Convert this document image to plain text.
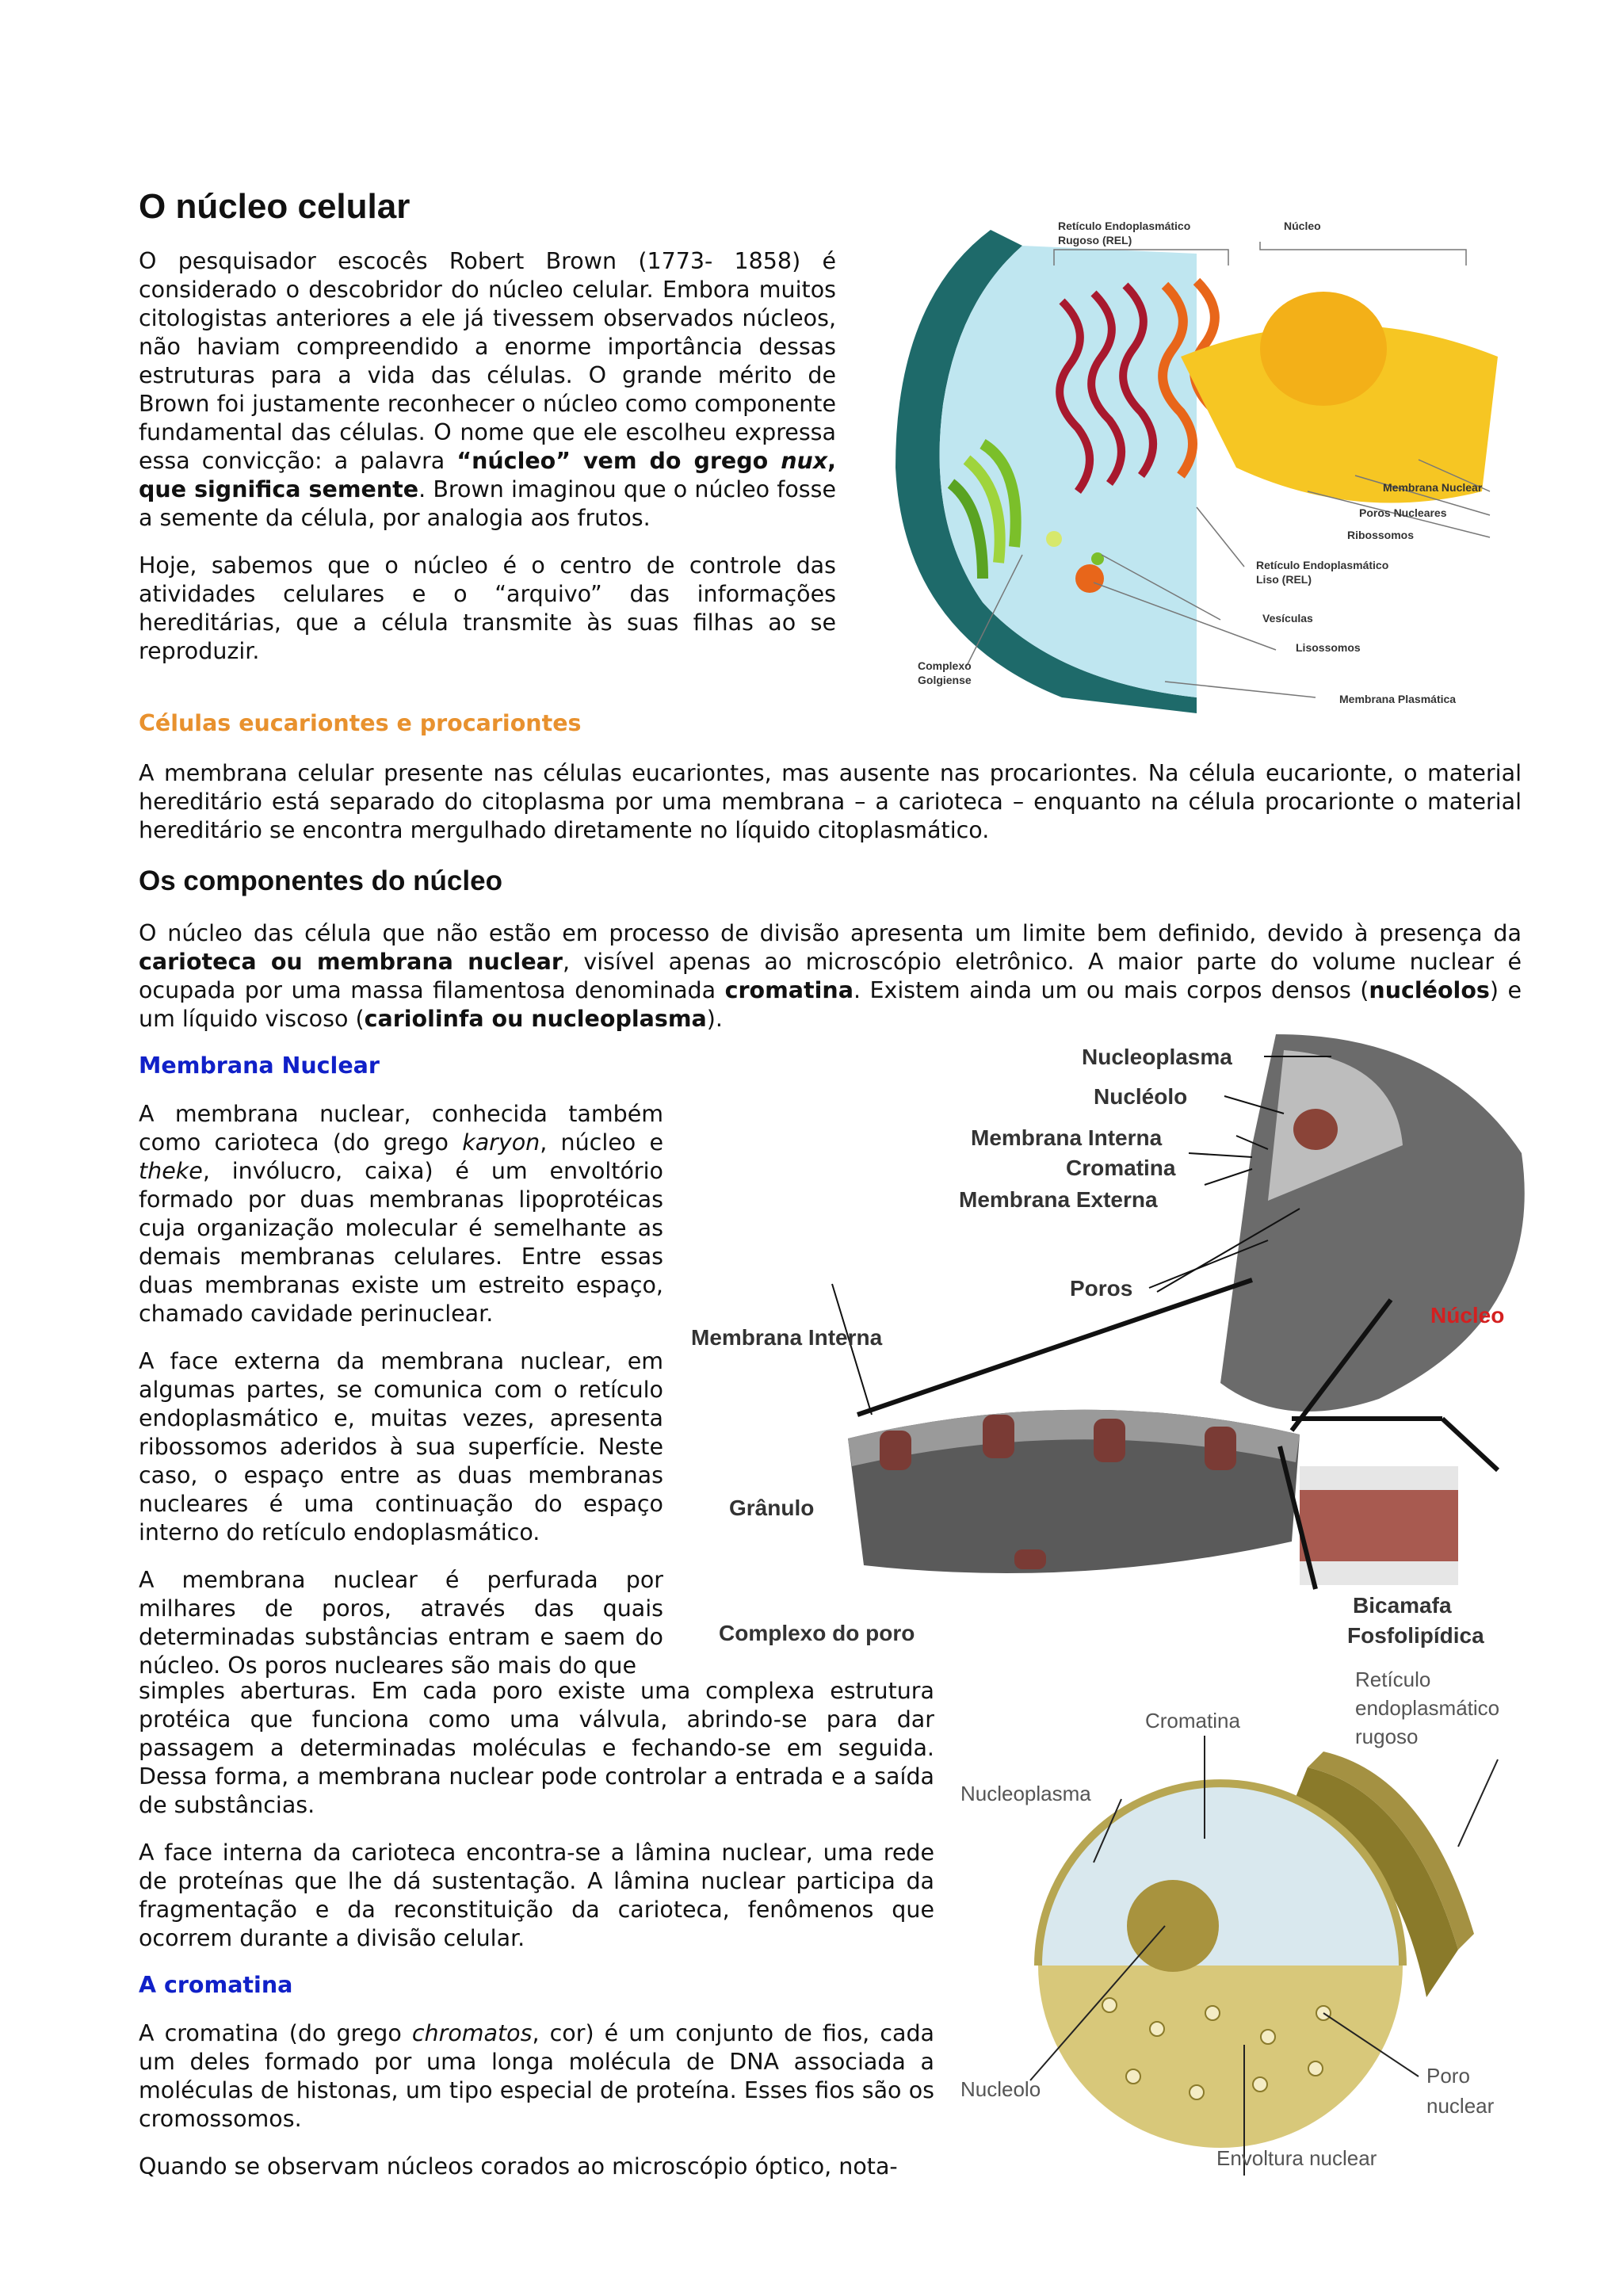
O núcleo celular

O pesquisador escocês Robert Brown (1773- 1858) é considerado o descobridor do núcleo celular. Embora muitos citologistas anteriores a ele já tivessem observados núcleos, não haviam compreendido a enorme importância dessas estruturas para a vida das células. O grande mérito de Brown foi justamente reconhecer o núcleo como componente fundamental das células. O nome que ele escolheu expressa essa convicção: a palavra “núcleo” vem do grego nux, que significa semente. Brown imaginou que o núcleo fosse a semente da célula, por analogia aos frutos.

Hoje, sabemos que o núcleo é o centro de controle das atividades celulares e o “arquivo” das informações hereditárias, que a célula transmite às suas filhas ao se reproduzir.

Células eucariontes e procariontes

A membrana celular presente nas células eucariontes, mas ausente nas procariontes. Na célula eucarionte, o material hereditário está separado do citoplasma por uma membrana – a carioteca – enquanto na célula procarionte o material hereditário se encontra mergulhado diretamente no líquido citoplasmático.

Os componentes do núcleo

O núcleo das célula que não estão em processo de divisão apresenta um limite bem definido, devido à presença da carioteca ou membrana nuclear, visível apenas ao microscópio eletrônico. A maior parte do volume nuclear é ocupada por uma massa filamentosa denominada cromatina. Existem ainda um ou mais corpos densos (nucléolos) e um líquido viscoso (cariolinfa ou nucleoplasma).

Membrana Nuclear

A membrana nuclear, conhecida também como carioteca (do grego karyon, núcleo e theke, invólucro, caixa) é um envoltório formado por duas membranas lipoprotéicas cuja organização molecular é semelhante as demais membranas celulares. Entre essas duas membranas existe um estreito espaço, chamado cavidade perinuclear.

A face externa da membrana nuclear, em algumas partes, se comunica com o retículo endoplasmático e, muitas vezes, apresenta ribossomos aderidos à sua superfície. Neste caso, o espaço entre as duas membranas nucleares é uma continuação do espaço interno do retículo endoplasmático.

A membrana nuclear é perfurada por milhares de poros, através das quais determinadas substâncias entram e saem do núcleo. Os poros nucleares são mais do que

simples aberturas. Em cada poro existe uma complexa estrutura protéica que funciona como uma válvula, abrindo-se para dar passagem a determinadas moléculas e fechando-se em seguida. Dessa forma, a membrana nuclear pode controlar a entrada e a saída de substâncias.

A face interna da carioteca encontra-se a lâmina nuclear, uma rede de proteínas que lhe dá sustentação. A lâmina nuclear participa da fragmentação e da reconstituição da carioteca, fenômenos que ocorrem durante a divisão celular.

A cromatina

A cromatina (do grego chromatos, cor) é um conjunto de fios, cada um deles formado por uma longa molécula de DNA associada a moléculas de histonas, um tipo especial de proteína. Esses fios são os cromossomos.

Quando se observam núcleos corados ao microscópio óptico, nota-

Retículo Endoplasmático
Rugoso (REL)
Núcleo
Membrana Nuclear
Poros Nucleares
Ribossomos
Retículo Endoplasmático
Liso (REL)
Vesículas
Lisossomos
Complexo
Golgiense
Membrana Plasmática
Nucleoplasma
Nucléolo
Membrana Interna
Cromatina
Membrana Externa
Poros
Núcleo
Membrana Interna
Grânulo
Complexo do poro
Bicamafa
Fosfolipídica
Retículo
endoplasmático
rugoso
Cromatina
Nucleoplasma
Nucleolo
Poro
nuclear
Envoltura nuclear
